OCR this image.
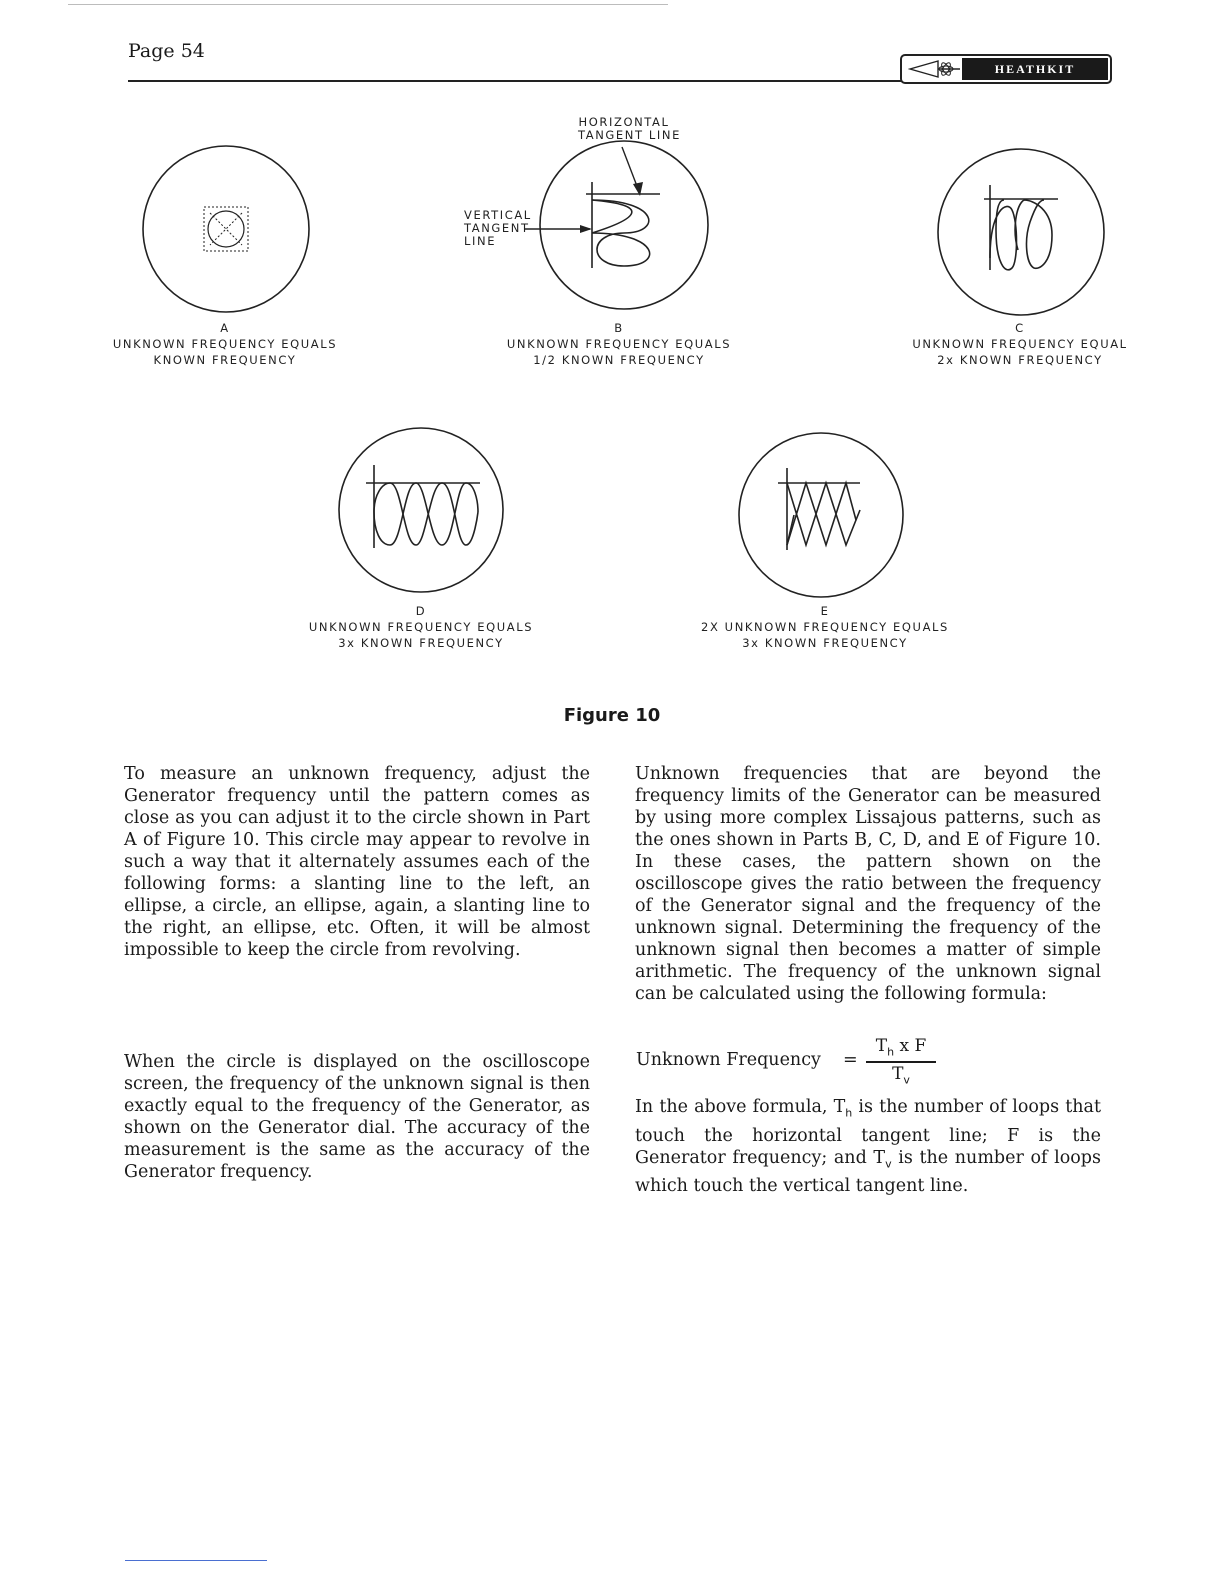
Page 54
HEATHKIT
HORIZONTAL
TANGENT LINE
VERTICAL
TANGENT
LINE
A
UNKNOWN FREQUENCY EQUALS
KNOWN FREQUENCY
B
UNKNOWN FREQUENCY EQUALS
1/2 KNOWN FREQUENCY
C
UNKNOWN FREQUENCY EQUAL
2x KNOWN FREQUENCY
D
UNKNOWN FREQUENCY EQUALS
3x KNOWN FREQUENCY
E
2X UNKNOWN FREQUENCY EQUALS
3x KNOWN FREQUENCY
Figure 10

To measure an unknown frequency, adjust the Generator frequency until the pattern comes as close as you can adjust it to the circle shown in Part A of Figure 10. This circle may appear to revolve in such a way that it alternately assumes each of the following forms: a slanting line to the left, an ellipse, a circle, an ellipse, again, a slanting line to the right, an ellipse, etc. Often, it will be almost impossible to keep the circle from revolving.

When the circle is displayed on the oscilloscope screen, the frequency of the unknown signal is then exactly equal to the frequency of the Generator, as shown on the Generator dial. The accuracy of the measurement is the same as the accuracy of the Generator frequency.

Unknown frequencies that are beyond the frequency limits of the Generator can be measured by using more complex Lissajous patterns, such as the ones shown in Parts B, C, D, and E of Figure 10. In these cases, the pattern shown on the oscilloscope gives the ratio between the frequency of the Generator signal and the frequency of the unknown signal. Determining the frequency of the unknown signal then becomes a matter of simple arithmetic. The frequency of the unknown signal can be calculated using the following formula:

Unknown Frequency =
$T_h$ x F
$T_v$

In the above formula, $T_h$ is the number of loops that touch the horizontal tangent line; F is the Generator frequency; and $T_v$ is the number of loops which touch the vertical tangent line.
